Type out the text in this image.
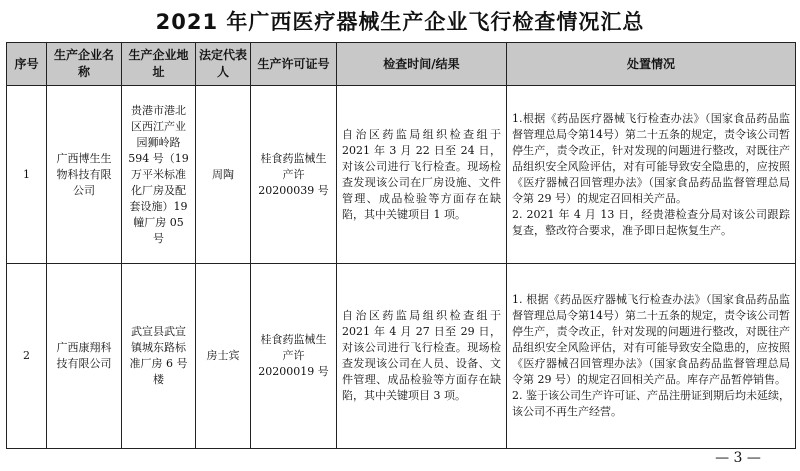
2021 年广西医疗器械生产企业飞行检查情况汇总
序号	生产企业名称	生产企业地址	法定代表人	生产许可证号	检查时间/结果	处置情况
1	广西博生生物科技有限公司	贵港市港北区西江产业园狮岭路 594 号（19 万平米标准化厂房及配套设施）19 幢厂房 05 号	周陶	桂食药监械生产许 20200039 号	自治区药监局组织检查组于 2021 年 3 月 22 日至 24 日，对该公司进行飞行检查。现场检查发现该公司在厂房设施、文件管理、成品检验等方面存在缺陷，其中关键项目 1 项。	1.根据《药品医疗器械飞行检查办法》（国家食品药品监督管理总局令第14号）第二十五条的规定，责令该公司暂停生产，责令改正，针对发现的问题进行整改，对既往产品组织安全风险评估，对有可能导致安全隐患的，应按照《医疗器械召回管理办法》（国家食品药品监督管理总局令第 29 号）的规定召回相关产品。
2. 2021 年 4 月 13 日，经贵港检查分局对该公司跟踪复查，整改符合要求，准予即日起恢复生产。

2	广西康翔科技有限公司	武宣县武宣镇城东路标准厂房 6 号楼	房士宾	桂食药监械生产许 20200019 号	自治区药监局组织检查组于 2021 年 4 月 27 日至 29 日，对该公司进行飞行检查。现场检查发现该公司在人员、设备、文件管理、成品检验等方面存在缺陷，其中关键项目 3 项。	1. 根据《药品医疗器械飞行检查办法》（国家食品药品监督管理总局令第14号）第二十五条的规定，责令该公司暂停生产，责令改正，针对发现的问题进行整改，对既往产品组织安全风险评估，对有可能导致安全隐患的，应按照《医疗器械召回管理办法》（国家食品药品监督管理总局令第 29 号）的规定召回相关产品。库存产品暂停销售。
2. 鉴于该公司生产许可证、产品注册证到期后均未延续，该公司不再生产经营。
— 3 —
